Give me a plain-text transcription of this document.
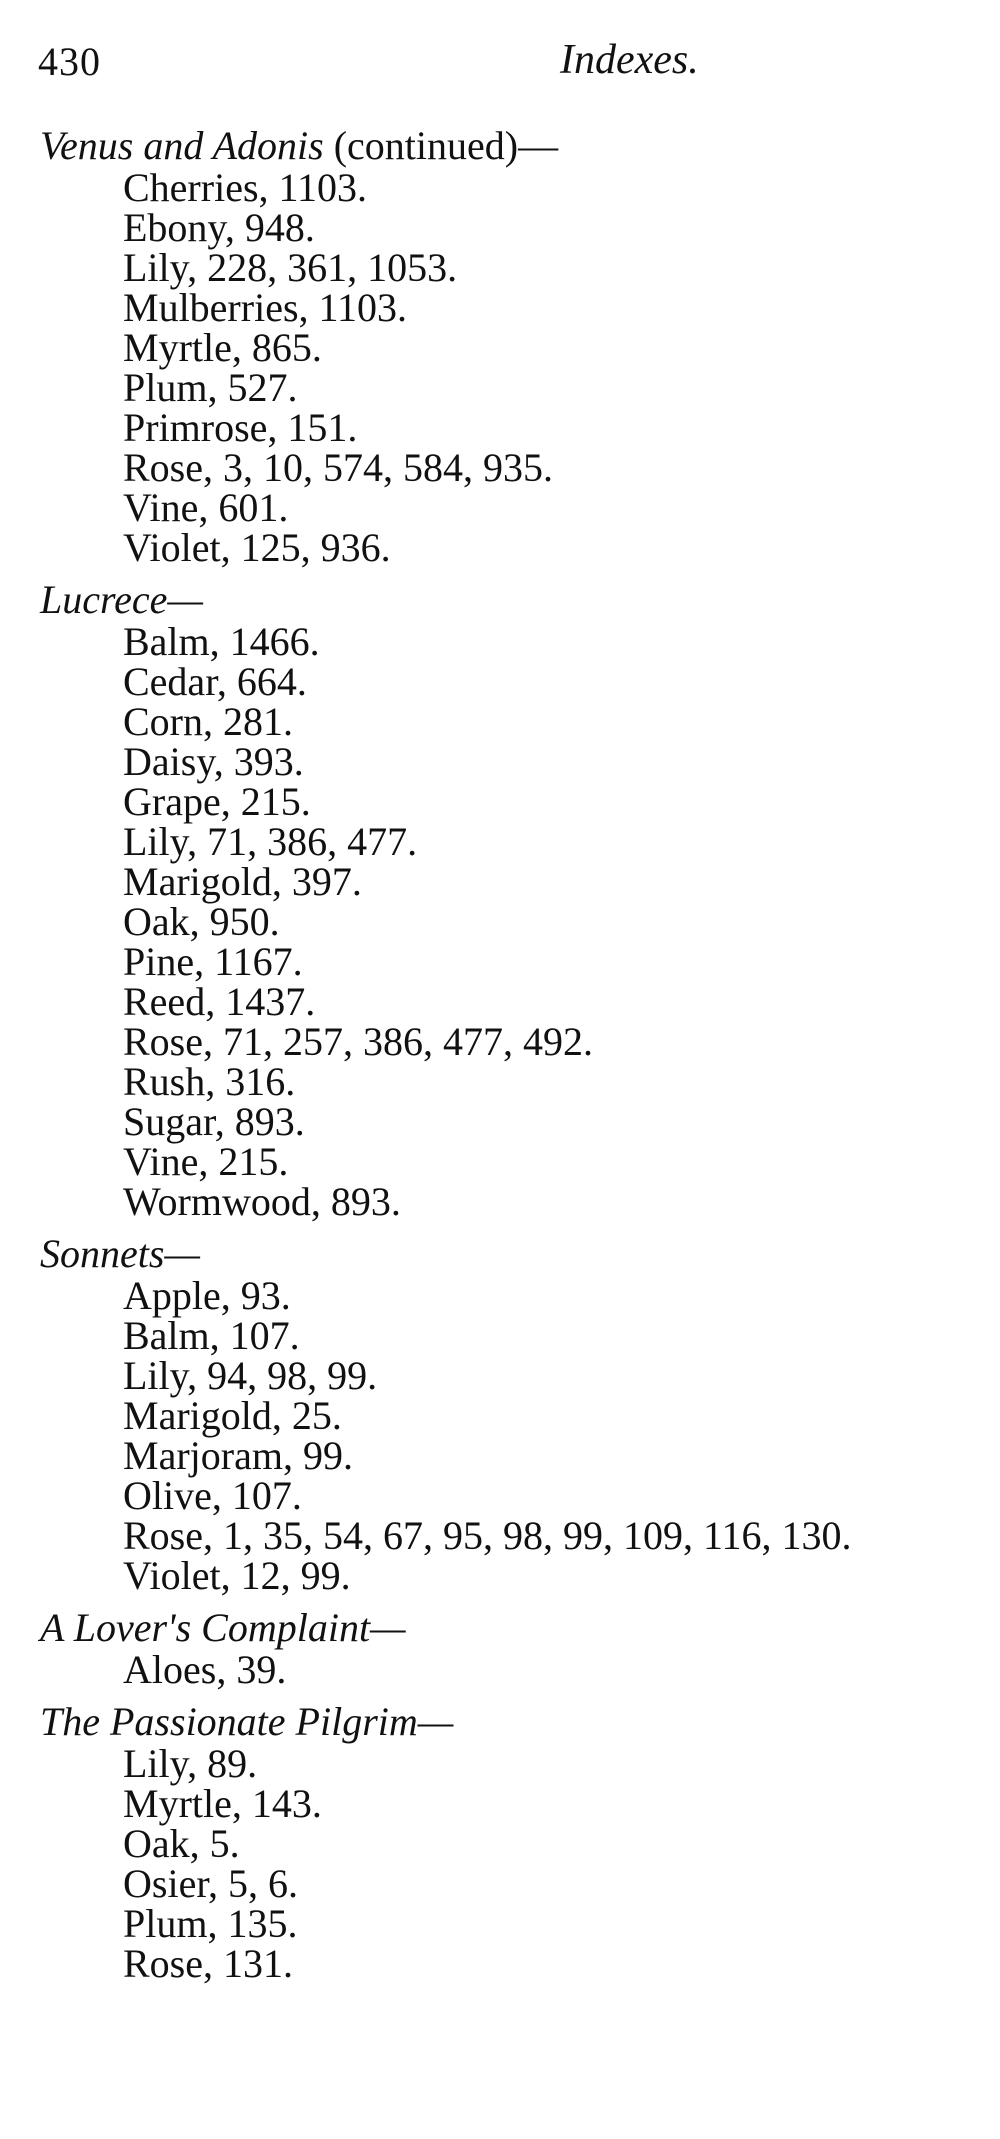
430	Indexes.
Venus and Adonis (continued)—
Cherries, 1103.
Ebony, 948.
Lily, 228, 361, 1053.
Mulberries, 1103.
Myrtle, 865.
Plum, 527.
Primrose, 151.
Rose, 3, 10, 574, 584, 935.
Vine, 601.
Violet, 125, 936.
Lucrece—
Balm, 1466.
Cedar, 664.
Corn, 281.
Daisy, 393.
Grape, 215.
Lily, 71, 386, 477.
Marigold, 397.
Oak, 950.
Pine, 1167.
Reed, 1437.
Rose, 71, 257, 386, 477, 492.
Rush, 316.
Sugar, 893.
Vine, 215.
Wormwood, 893.
Sonnets—
Apple, 93.
Balm, 107.
Lily, 94, 98, 99.
Marigold, 25.
Marjoram, 99.
Olive, 107.
Rose, 1, 35, 54, 67, 95, 98, 99, 109, 116, 130.
Violet, 12, 99.
A Lover's Complaint—
Aloes, 39.
The Passionate Pilgrim—
Lily, 89.
Myrtle, 143.
Oak, 5.
Osier, 5, 6.
Plum, 135.
Rose, 131.
